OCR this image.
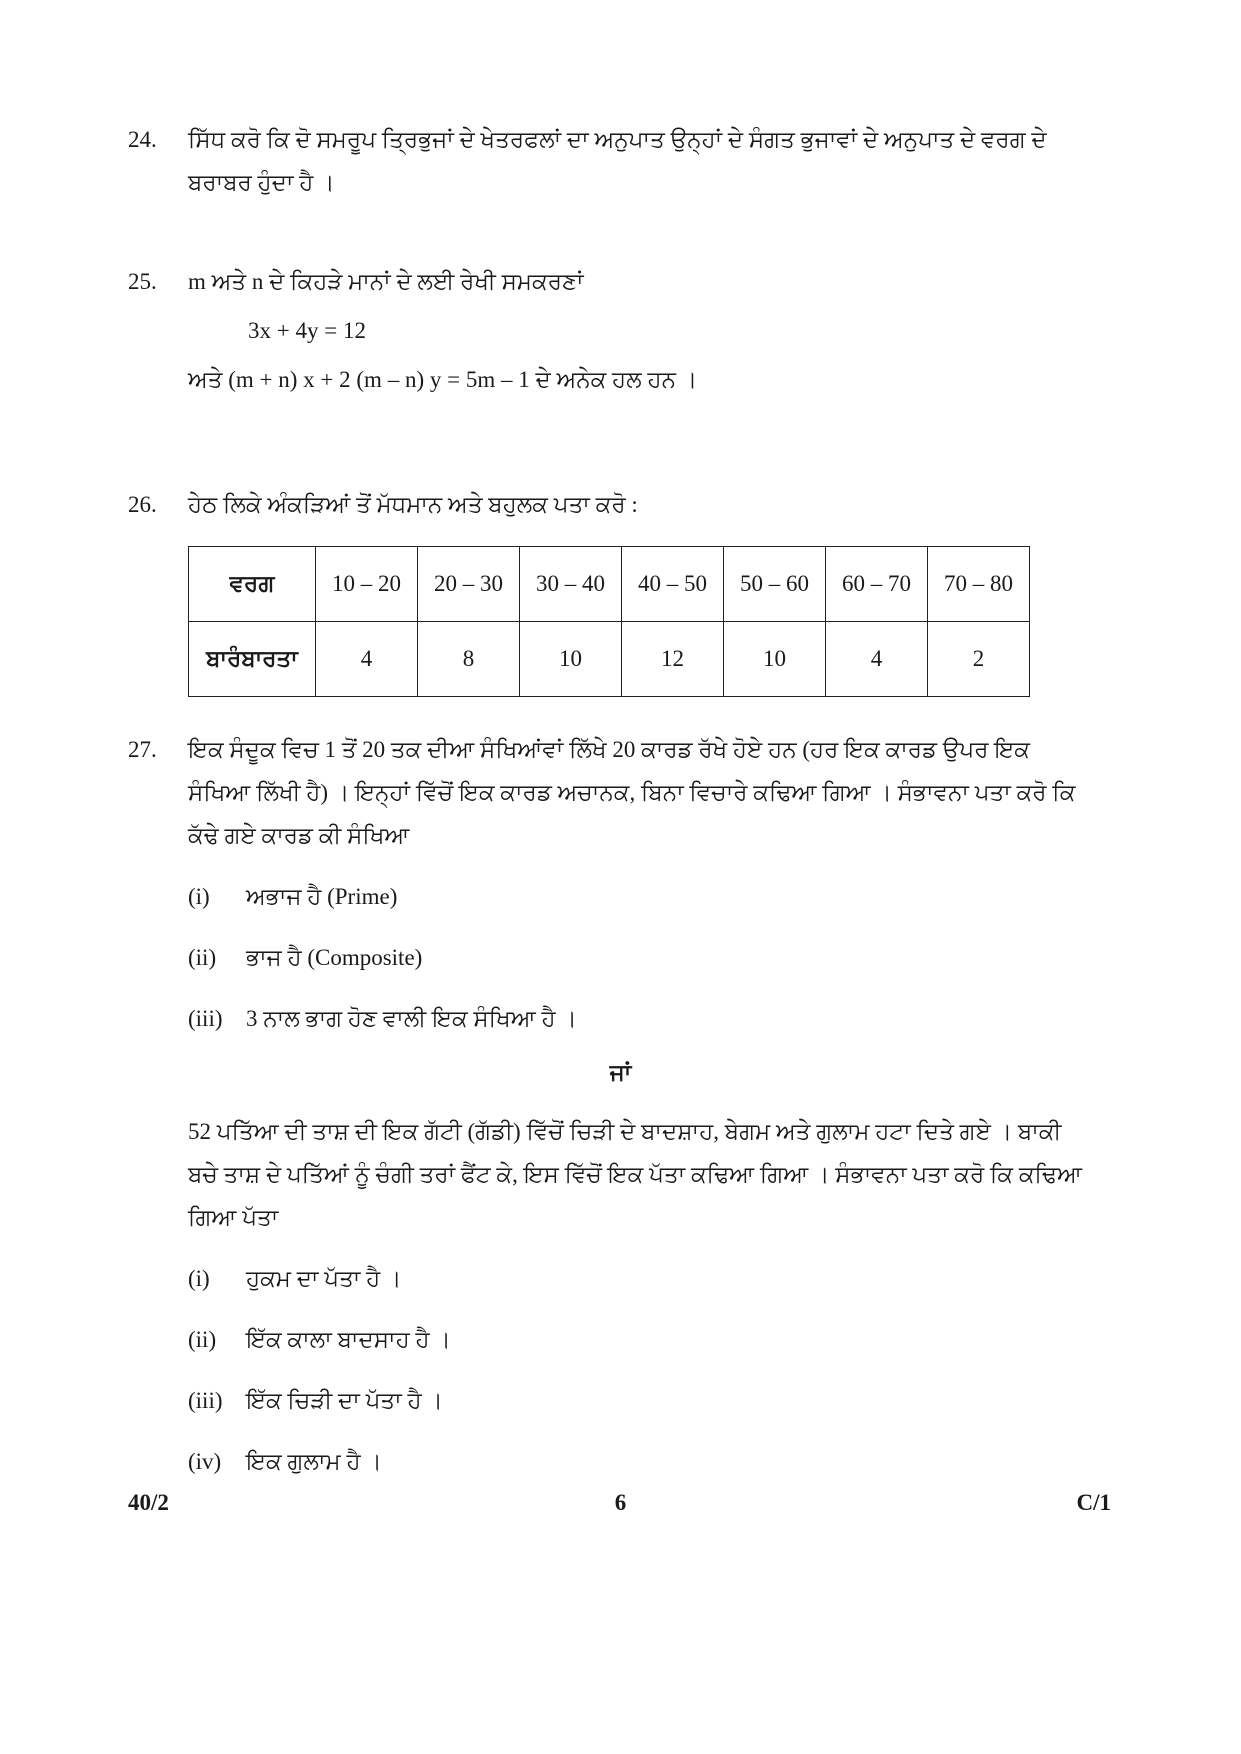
24.	ਸਿੱਧ ਕਰੋ ਕਿ ਦੋ ਸਮਰੂਪ ਤ੍ਰਿਭੁਜਾਂ ਦੇ ਖੇਤਰਫਲਾਂ ਦਾ ਅਨੁਪਾਤ ਉਨ੍ਹਾਂ ਦੇ ਸੰਗਤ ਭੁਜਾਵਾਂ ਦੇ ਅਨੁਪਾਤ ਦੇ ਵਰਗ ਦੇ ਬਰਾਬਰ ਹੁੰਦਾ ਹੈ ।
25.	m ਅਤੇ n ਦੇ ਕਿਹੜੇ ਮਾਨਾਂ ਦੇ ਲਈ ਰੇਖੀ ਸਮਕਰਣਾਂ
3x + 4y = 12
ਅਤੇ (m + n) x + 2 (m – n) y = 5m – 1 ਦੇ ਅਨੇਕ ਹਲ ਹਨ ।
26.	ਹੇਠ ਲਿਕੇ ਅੰਕੜਿਆਂ ਤੋਂ ਮੱਧਮਾਨ ਅਤੇ ਬਹੁਲਕ ਪਤਾ ਕਰੋ :
ਵਰਗ	10 – 20	20 – 30	30 – 40	40 – 50	50 – 60	60 – 70	70 – 80
ਬਾਰੰਬਾਰਤਾ	4	8	10	12	10	4	2
27.	ਇਕ ਸੰਦੂਕ ਵਿਚ 1 ਤੋਂ 20 ਤਕ ਦੀਆ ਸੰਖਿਆਂਵਾਂ ਲਿੱਖੇ 20 ਕਾਰਡ ਰੱਖੇ ਹੋਏ ਹਨ (ਹਰ ਇਕ ਕਾਰਡ ਉਪਰ ਇਕ ਸੰਖਿਆ ਲਿੱਖੀ ਹੈ) । ਇਨ੍ਹਾਂ ਵਿੱਚੋਂ ਇਕ ਕਾਰਡ ਅਚਾਨਕ, ਬਿਨਾ ਵਿਚਾਰੇ ਕਢਿਆ ਗਿਆ । ਸੰਭਾਵਨਾ ਪਤਾ ਕਰੋ ਕਿ ਕੱਢੇ ਗਏ ਕਾਰਡ ਕੀ ਸੰਖਿਆ
(i)	ਅਭਾਜ ਹੈ (Prime)
(ii)	ਭਾਜ ਹੈ (Composite)
(iii)	3 ਨਾਲ ਭਾਗ ਹੋਣ ਵਾਲੀ ਇਕ ਸੰਖਿਆ ਹੈ ।
ਜਾਂ
52 ਪਤਿੱਆ ਦੀ ਤਾਸ਼ ਦੀ ਇਕ ਗੱਟੀ (ਗੱਡੀ) ਵਿੱਚੋਂ ਚਿੜੀ ਦੇ ਬਾਦਸ਼ਾਹ, ਬੇਗਮ ਅਤੇ ਗੁਲਾਮ ਹਟਾ ਦਿਤੇ ਗਏ । ਬਾਕੀ ਬਚੇ ਤਾਸ਼ ਦੇ ਪਤਿੱਆਂ ਨੂੰ ਚੰਗੀ ਤਰਾਂ ਫੈਂਟ ਕੇ, ਇਸ ਵਿੱਚੋਂ ਇਕ ਪੱਤਾ ਕਢਿਆ ਗਿਆ । ਸੰਭਾਵਨਾ ਪਤਾ ਕਰੋ ਕਿ ਕਢਿਆ ਗਿਆ ਪੱਤਾ
(i)	ਹੁਕਮ ਦਾ ਪੱਤਾ ਹੈ ।
(ii)	ਇੱਕ ਕਾਲਾ ਬਾਦਸਾਹ ਹੈ ।
(iii)	ਇੱਕ ਚਿੜੀ ਦਾ ਪੱਤਾ ਹੈ ।
(iv)	ਇਕ ਗੁਲਾਮ ਹੈ ।
40/2	6	C/1
